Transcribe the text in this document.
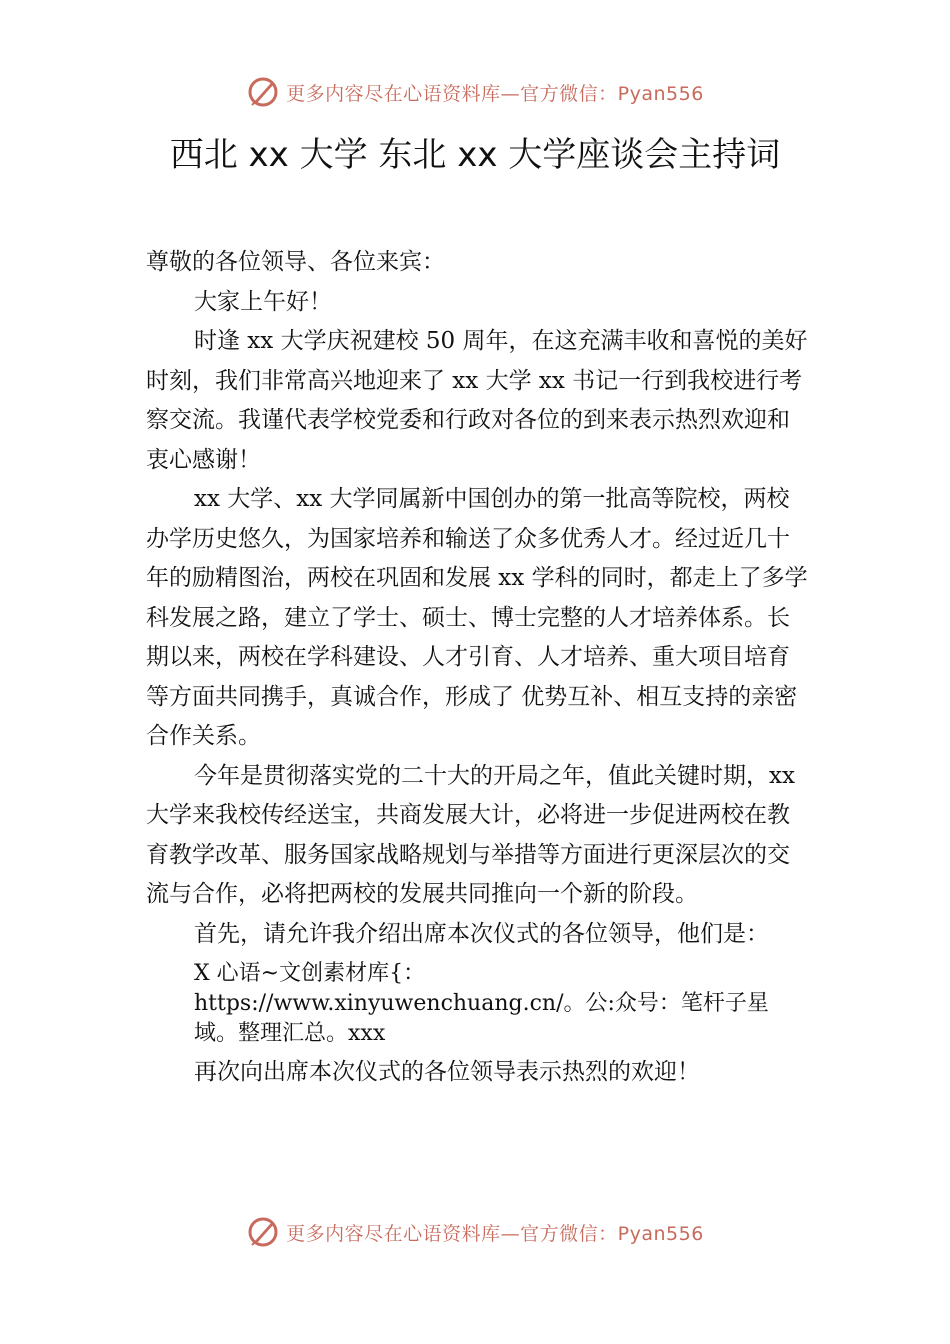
更多内容尽在心语资料库—官方微信：Pyan556
西北 xx 大学 东北 xx 大学座谈会主持词

尊敬的各位领导、各位来宾：

大家上午好！

时逢 xx 大学庆祝建校 50 周年，在这充满丰收和喜悦的美好时刻，我们非常高兴地迎来了 xx 大学 xx 书记一行到我校进行考察交流。我谨代表学校党委和行政对各位的到来表示热烈欢迎和衷心感谢！

xx 大学、xx 大学同属新中国创办的第一批高等院校，两校办学历史悠久，为国家培养和输送了众多优秀人才。经过近几十年的励精图治，两校在巩固和发展 xx 学科的同时，都走上了多学科发展之路，建立了学士、硕士、博士完整的人才培养体系。长期以来，两校在学科建设、人才引育、人才培养、重大项目培育等方面共同携手，真诚合作，形成了 优势互补、相互支持的亲密合作关系。

今年是贯彻落实党的二十大的开局之年，值此关键时期，xx 大学来我校传经送宝，共商发展大计，必将进一步促进两校在教育教学改革、服务国家战略规划与举措等方面进行更深层次的交流与合作，必将把两校的发展共同推向一个新的阶段。

首先，请允许我介绍出席本次仪式的各位领导，他们是：

X 心语~文创素材库{：https://www.xinyuwenchuang.cn/。公:众号：笔杆子星域。整理汇总。xxx

再次向出席本次仪式的各位领导表示热烈的欢迎！

更多内容尽在心语资料库—官方微信：Pyan556
